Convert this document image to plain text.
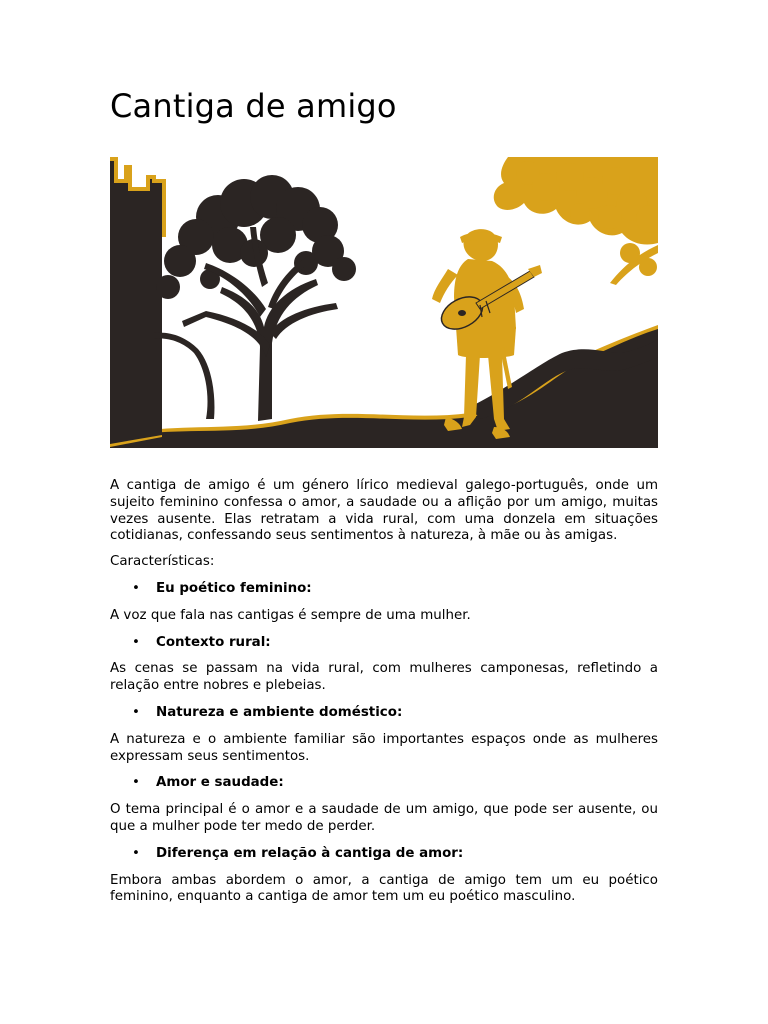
Cantiga de amigo

A cantiga de amigo é um género lírico medieval galego-português, onde um sujeito feminino confessa o amor, a saudade ou a aflição por um amigo, muitas vezes ausente. Elas retratam a vida rural, com uma donzela em situações cotidianas, confessando seus sentimentos à natureza, à mãe ou às amigas.

Características:

• Eu poético feminino:

A voz que fala nas cantigas é sempre de uma mulher.

• Contexto rural:

As cenas se passam na vida rural, com mulheres camponesas, refletindo a relação entre nobres e plebeias.

• Natureza e ambiente doméstico:

A natureza e o ambiente familiar são importantes espaços onde as mulheres expressam seus sentimentos.

• Amor e saudade:

O tema principal é o amor e a saudade de um amigo, que pode ser ausente, ou que a mulher pode ter medo de perder.

• Diferença em relação à cantiga de amor:

Embora ambas abordem o amor, a cantiga de amigo tem um eu poético feminino, enquanto a cantiga de amor tem um eu poético masculino.
